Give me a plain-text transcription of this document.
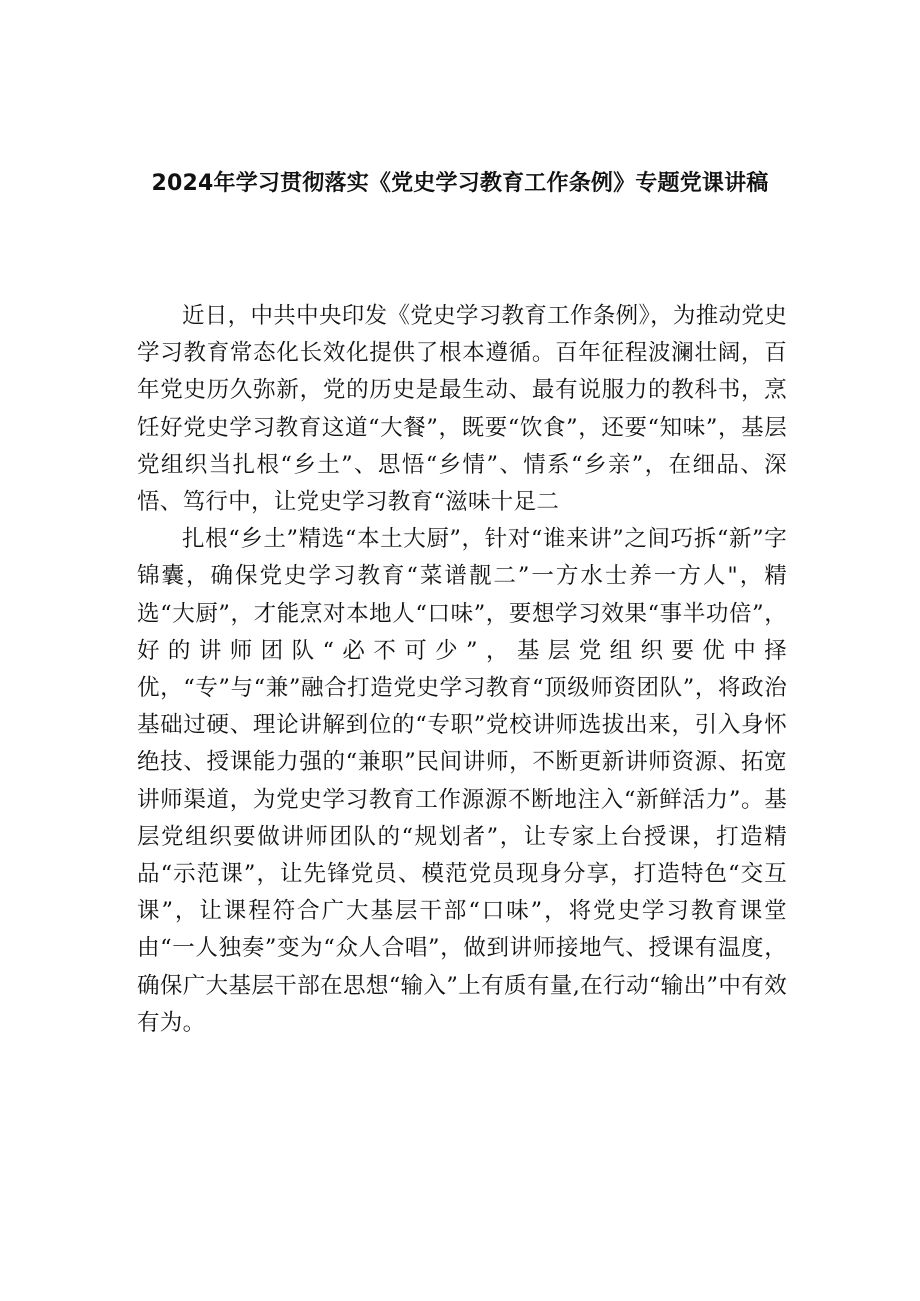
2024年学习贯彻落实《党史学习教育工作条例》专题党课讲稿

近日，中共中央印发《党史学习教育工作条例》，为推动党史学习教育常态化长效化提供了根本遵循。百年征程波澜壮阔，百年党史历久弥新，党的历史是最生动、最有说服力的教科书，烹饪好党史学习教育这道“大餐”，既要“饮食”，还要“知味”，基层党组织当扎根“乡土”、思悟“乡情”、情系“乡亲”，在细品、深悟、笃行中，让党史学习教育“滋味十足二

扎根“乡土”精选“本土大厨”，针对“谁来讲”之间巧拆“新”字锦囊，确保党史学习教育“菜谱靓二”一方水士养一方人"，精选“大厨”，才能烹对本地人“口味”，要想学习效果“事半功倍”，好的讲师团队“必不可少”，基层党组织要优中择优，“专”与“兼”融合打造党史学习教育“顶级师资团队”，将政治基础过硬、理论讲解到位的“专职”党校讲师选拔出来，引入身怀绝技、授课能力强的“兼职”民间讲师，不断更新讲师资源、拓宽讲师渠道，为党史学习教育工作源源不断地注入“新鲜活力”。基层党组织要做讲师团队的“规划者”，让专家上台授课，打造精品“示范课”，让先锋党员、模范党员现身分享，打造特色“交互课”，让课程符合广大基层干部“口味”，将党史学习教育课堂由“一人独奏”变为“众人合唱”，做到讲师接地气、授课有温度，确保广大基层干部在思想“输入”上有质有量,在行动“输出”中有效有为。
